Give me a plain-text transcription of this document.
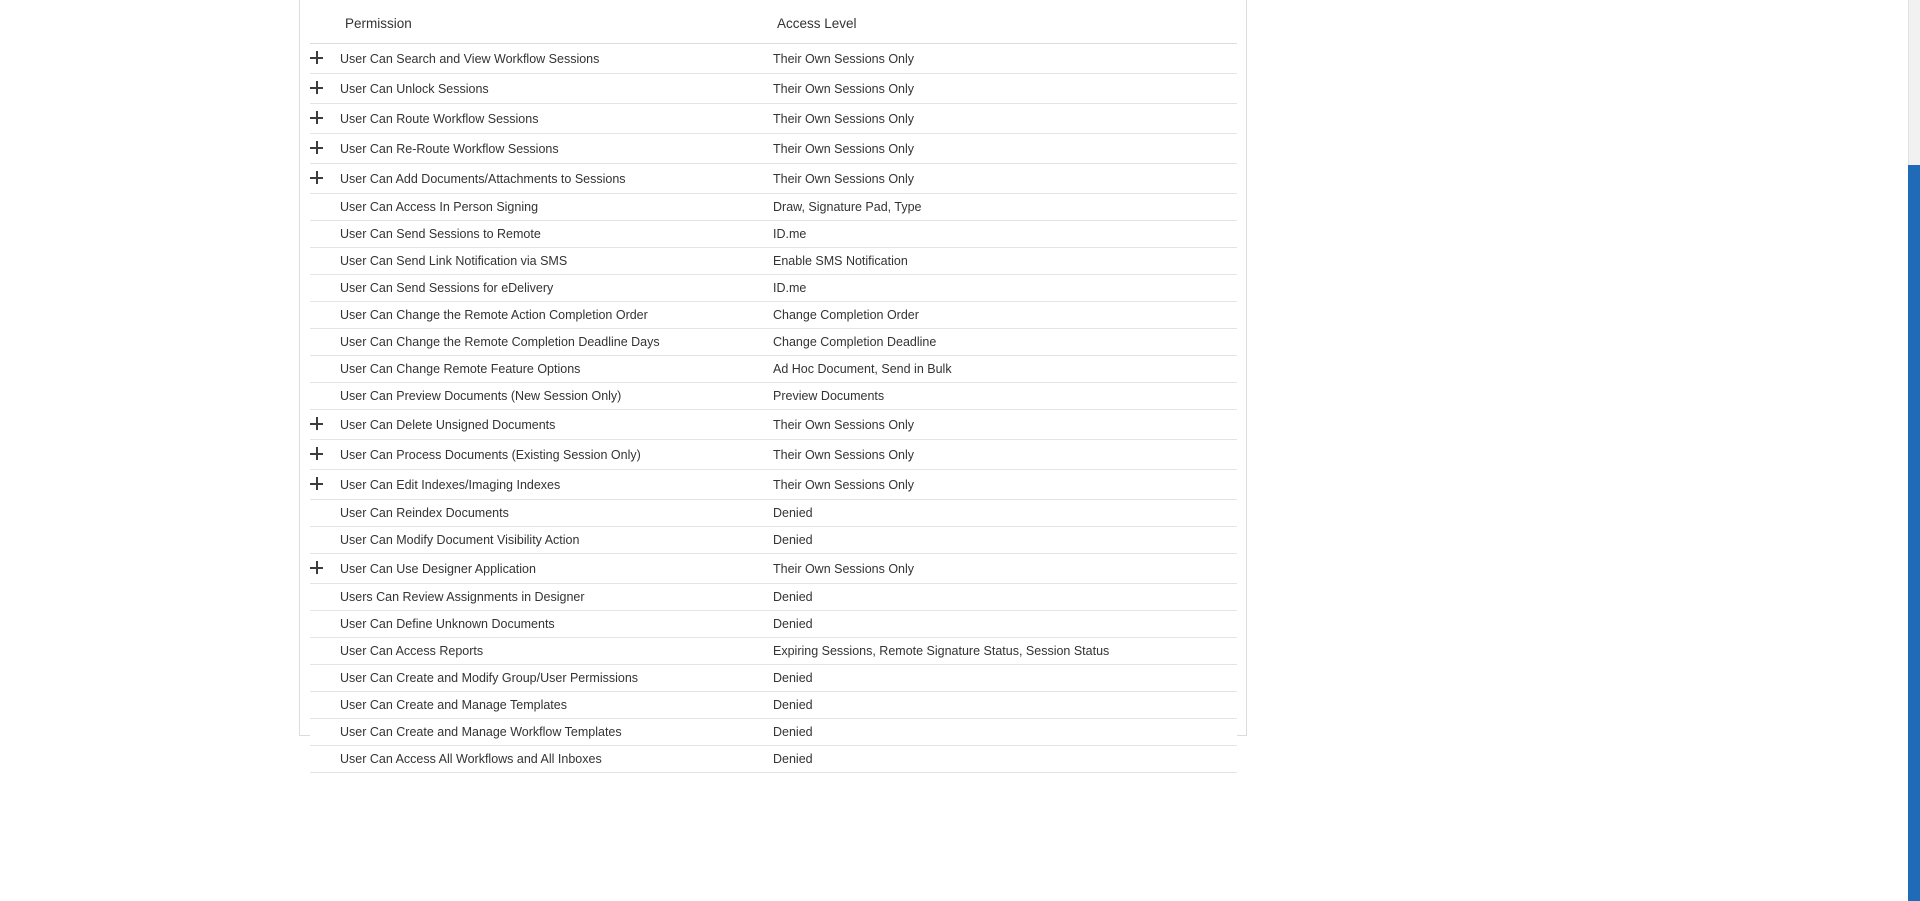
	Permission	Access Level
	User Can Search and View Workflow Sessions	Their Own Sessions Only
	User Can Unlock Sessions	Their Own Sessions Only
	User Can Route Workflow Sessions	Their Own Sessions Only
	User Can Re-Route Workflow Sessions	Their Own Sessions Only
	User Can Add Documents/Attachments to Sessions	Their Own Sessions Only
	User Can Access In Person Signing	Draw, Signature Pad, Type
	User Can Send Sessions to Remote	ID.me
	User Can Send Link Notification via SMS	Enable SMS Notification
	User Can Send Sessions for eDelivery	ID.me
	User Can Change the Remote Action Completion Order	Change Completion Order
	User Can Change the Remote Completion Deadline Days	Change Completion Deadline
	User Can Change Remote Feature Options	Ad Hoc Document, Send in Bulk
	User Can Preview Documents (New Session Only)	Preview Documents
	User Can Delete Unsigned Documents	Their Own Sessions Only
	User Can Process Documents (Existing Session Only)	Their Own Sessions Only
	User Can Edit Indexes/Imaging Indexes	Their Own Sessions Only
	User Can Reindex Documents	Denied
	User Can Modify Document Visibility Action	Denied
	User Can Use Designer Application	Their Own Sessions Only
	Users Can Review Assignments in Designer	Denied
	User Can Define Unknown Documents	Denied
	User Can Access Reports	Expiring Sessions, Remote Signature Status, Session Status
	User Can Create and Modify Group/User Permissions	Denied
	User Can Create and Manage Templates	Denied
	User Can Create and Manage Workflow Templates	Denied
	User Can Access All Workflows and All Inboxes	Denied
